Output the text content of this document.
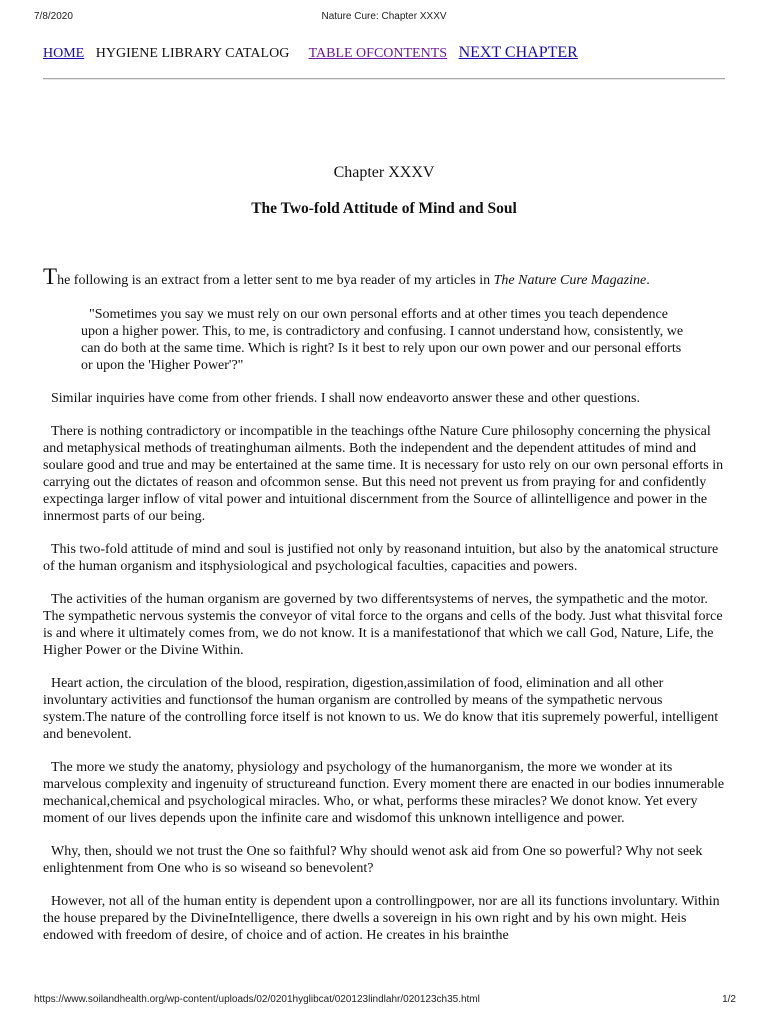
7/8/2020	Nature Cure: Chapter XXXV
HOME HYGIENE LIBRARY CATALOG TABLE OFCONTENTS NEXT CHAPTER
Chapter XXXV
The Two-fold Attitude of Mind and Soul

The following is an extract from a letter sent to me bya reader of my articles in The Nature Cure Magazine.

"Sometimes you say we must rely on our own personal efforts and at other times you teach dependence upon a higher power. This, to me, is contradictory and confusing. I cannot understand how, consistently, we can do both at the same time. Which is right? Is it best to rely upon our own power and our personal efforts or upon the 'Higher Power'?"

Similar inquiries have come from other friends. I shall now endeavorto answer these and other questions.

There is nothing contradictory or incompatible in the teachings ofthe Nature Cure philosophy concerning the physical and metaphysical methods of treatinghuman ailments. Both the independent and the dependent attitudes of mind and soulare good and true and may be entertained at the same time. It is necessary for usto rely on our own personal efforts in carrying out the dictates of reason and ofcommon sense. But this need not prevent us from praying for and confidently expectinga larger inflow of vital power and intuitional discernment from the Source of allintelligence and power in the innermost parts of our being.

This two-fold attitude of mind and soul is justified not only by reasonand intuition, but also by the anatomical structure of the human organism and itsphysiological and psychological faculties, capacities and powers.

The activities of the human organism are governed by two differentsystems of nerves, the sympathetic and the motor. The sympathetic nervous systemis the conveyor of vital force to the organs and cells of the body. Just what thisvital force is and where it ultimately comes from, we do not know. It is a manifestationof that which we call God, Nature, Life, the Higher Power or the Divine Within.

Heart action, the circulation of the blood, respiration, digestion,assimilation of food, elimination and all other involuntary activities and functionsof the human organism are controlled by means of the sympathetic nervous system.The nature of the controlling force itself is not known to us. We do know that itis supremely powerful, intelligent and benevolent.

The more we study the anatomy, physiology and psychology of the humanorganism, the more we wonder at its marvelous complexity and ingenuity of structureand function. Every moment there are enacted in our bodies innumerable mechanical,chemical and psychological miracles. Who, or what, performs these miracles? We donot know. Yet every moment of our lives depends upon the infinite care and wisdomof this unknown intelligence and power.

Why, then, should we not trust the One so faithful? Why should wenot ask aid from One so powerful? Why not seek enlightenment from One who is so wiseand so benevolent?

However, not all of the human entity is dependent upon a controllingpower, nor are all its functions involuntary. Within the house prepared by the DivineIntelligence, there dwells a sovereign in his own right and by his own might. Heis endowed with freedom of desire, of choice and of action. He creates in his brainthe

https://www.soilandhealth.org/wp-content/uploads/02/0201hyglibcat/020123lindlahr/020123ch35.html	1/2
